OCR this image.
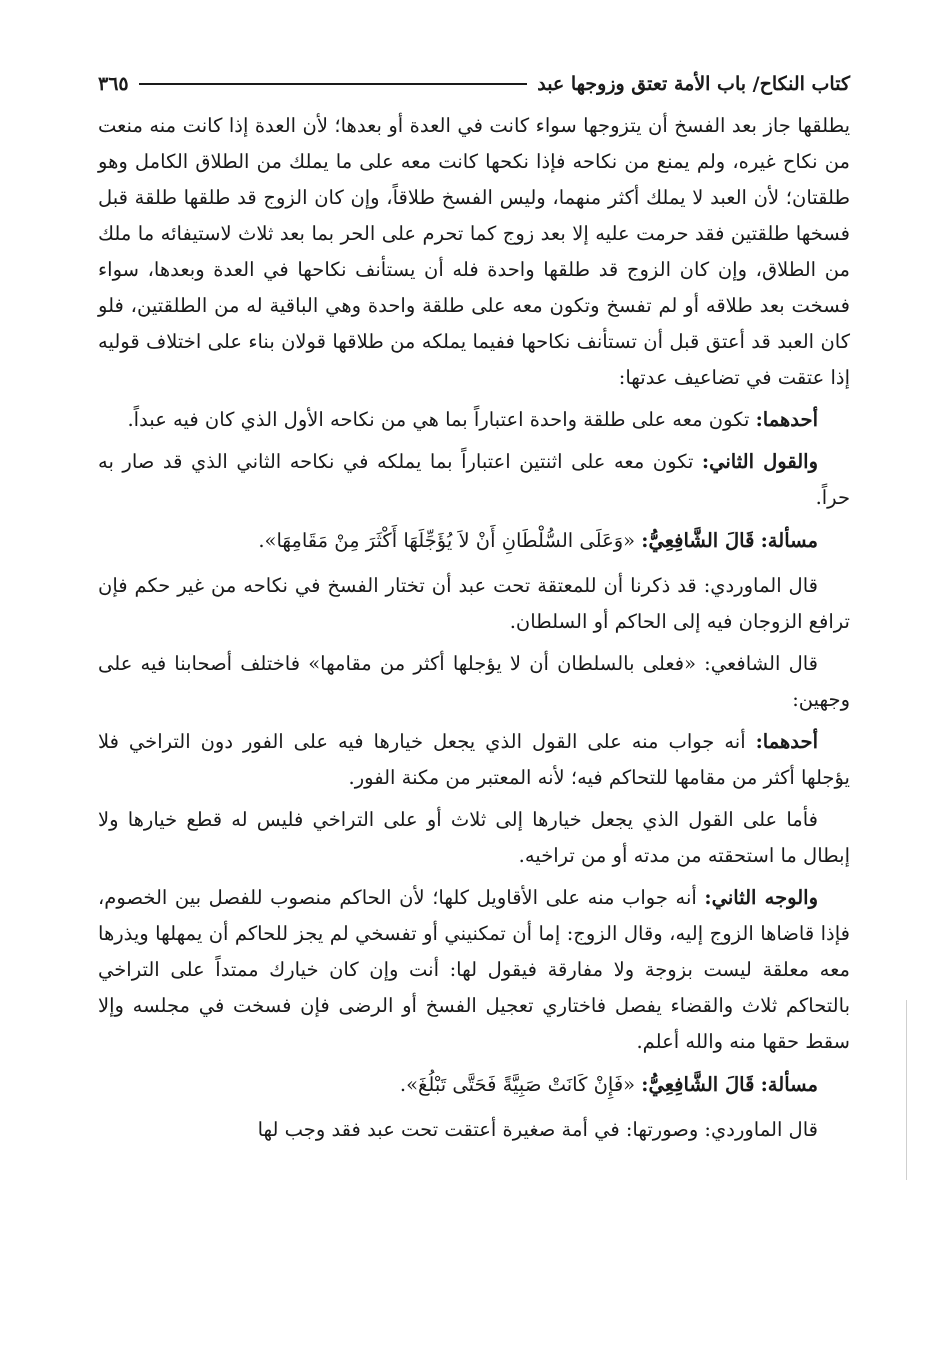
كتاب النكاح/ باب الأمة تعتق وزوجها عبد
٣٦٥

يطلقها جاز بعد الفسخ أن يتزوجها سواء كانت في العدة أو بعدها؛ لأن العدة إذا كانت منه منعت من نكاح غيره، ولم يمنع من نكاحه فإذا نكحها كانت معه على ما يملك من الطلاق الكامل وهو طلقتان؛ لأن العبد لا يملك أكثر منهما، وليس الفسخ طلاقاً، وإن كان الزوج قد طلقها طلقة قبل فسخها طلقتين فقد حرمت عليه إلا بعد زوج كما تحرم على الحر بما بعد ثلاث لاستيفائه ما ملك من الطلاق، وإن كان الزوج قد طلقها واحدة فله أن يستأنف نكاحها في العدة وبعدها، سواء فسخت بعد طلاقه أو لم تفسخ وتكون معه على طلقة واحدة وهي الباقية له من الطلقتين، فلو كان العبد قد أعتق قبل أن تستأنف نكاحها ففيما يملكه من طلاقها قولان بناء على اختلاف قوليه إذا عتقت في تضاعيف عدتها:

أحدهما: تكون معه على طلقة واحدة اعتباراً بما هي من نكاحه الأول الذي كان فيه عبداً.

والقول الثاني: تكون معه على اثنتين اعتباراً بما يملكه في نكاحه الثاني الذي قد صار به حراً.

مسألة: قَالَ الشَّافِعِيُّ: «وَعَلَى السُّلْطَانِ أَنْ لاَ يُؤَجِّلَهَا أَكْثَرَ مِنْ مَقَامِهَا».

قال الماوردي: قد ذكرنا أن للمعتقة تحت عبد أن تختار الفسخ في نكاحه من غير حكم فإن ترافع الزوجان فيه إلى الحاكم أو السلطان.

قال الشافعي: «فعلى بالسلطان أن لا يؤجلها أكثر من مقامها» فاختلف أصحابنا فيه على وجهين:

أحدهما: أنه جواب منه على القول الذي يجعل خيارها فيه على الفور دون التراخي فلا يؤجلها أكثر من مقامها للتحاكم فيه؛ لأنه المعتبر من مكنة الفور.

فأما على القول الذي يجعل خيارها إلى ثلاث أو على التراخي فليس له قطع خيارها ولا إبطال ما استحقته من مدته أو من تراخيه.

والوجه الثاني: أنه جواب منه على الأقاويل كلها؛ لأن الحاكم منصوب للفصل بين الخصوم، فإذا قاضاها الزوج إليه، وقال الزوج: إما أن تمكنيني أو تفسخي لم يجز للحاكم أن يمهلها ويذرها معه معلقة ليست بزوجة ولا مفارقة فيقول لها: أنت وإن كان خيارك ممتداً على التراخي بالتحاكم ثلاث والقضاء يفصل فاختاري تعجيل الفسخ أو الرضى فإن فسخت في مجلسه وإلا سقط حقها منه والله أعلم.

مسألة: قَالَ الشَّافِعِيُّ: «فَإِنْ كَانَتْ صَبِيَّةً فَحَتَّى تَبْلُغَ».

قال الماوردي: وصورتها: في أمة صغيرة أعتقت تحت عبد فقد وجب لها
